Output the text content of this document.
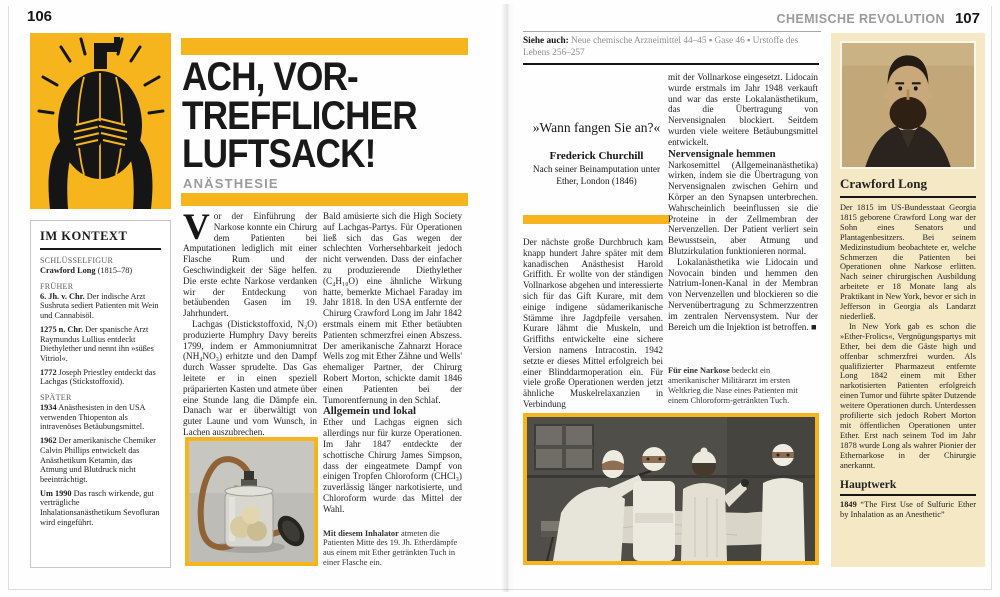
106
ACH, VOR-
TREFFLICHER
LUFTSACK!
ANÄSTHESIE
IM KONTEXT
SCHLÜSSELFIGUR

Crawford Long (1815–78)

FRÜHER

6. Jh. v. Chr. Der indische Arzt Sushruta sediert Patienten mit Wein und Cannabisöl.

1275 n. Chr. Der spanische Arzt Raymundus Lullius entdeckt Diethylether und nennt ihn »süßes Vitriol«.

1772 Joseph Priestley entdeckt das Lachgas (Stickstoffoxid).

SPÄTER

1934 Anästhesisten in den USA verwenden Thiopenton als intravenöses Betäubungsmittel.

1962 Der amerikanische Chemiker Calvin Phillips entwickelt das Anästhetikum Ketamin, das Atmung und Blutdruck nicht beeinträchtigt.

Um 1990 Das rasch wirkende, gut verträgliche Inhalationsanästhetikum Sevofluran wird eingeführt.

Vor der Einführung der Narkose konnte ein Chirurg dem Patienten bei Amputationen lediglich mit einer Flasche Rum und der Geschwindigkeit der Säge helfen. Die erste echte Narkose verdanken wir der Entdeckung von betäubenden Gasen im 19. Jahrhundert.

Lachgas (Distickstoffoxid, N₂O) produzierte Humphry Davy bereits 1799, indem er Ammoniumnitrat (NH₄NO₃) erhitzte und den Dampf durch Wasser sprudelte. Das Gas leitete er in einen speziell präparierten Kasten und atmete über eine Stunde lang die Dämpfe ein. Danach war er überwältigt von guter Laune und vom Wunsch, in Lachen auszubrechen.

Bald amüsierte sich die High Society auf Lachgas-Partys. Für Operationen ließ sich das Gas wegen der schlechten Vorhersehbarkeit jedoch nicht verwenden. Dass der einfacher zu produzierende Diethylether (C₄H₁₀O) eine ähnliche Wirkung hatte, bemerkte Michael Faraday im Jahr 1818. In den USA entfernte der Chirurg Crawford Long im Jahr 1842 erstmals einem mit Ether betäubten Patienten schmerzfrei einen Abszess. Der amerikanische Zahnarzt Horace Wells zog mit Ether Zähne und Wells' ehemaliger Partner, der Chirurg Robert Morton, schickte damit 1846 einen Patienten bei der Tumorentfernung in den Schlaf.

Allgemein und lokal

Ether und Lachgas eignen sich allerdings nur für kurze Operationen. Im Jahr 1847 entdeckte der schottische Chirurg James Simpson, dass der eingeatmete Dampf von einigen Tropfen Chloroform (CHCl₃) zuverlässig länger narkotisierte, und Chloroform wurde das Mittel der Wahl.

Mit diesem Inhalator atmeten die Patienten Mitte des 19. Jh. Etherdämpfe aus einem mit Ether getränkten Tuch in einer Flasche ein.

CHEMISCHE REVOLUTION 107
Siehe auch: Neue chemische Arzneimittel 44–45 ▪ Gase 46 ▪ Urstoffe des Lebens 256–257
»Wann fangen Sie an?«
Frederick Churchill
Nach seiner Beinamputation unter Ether, London (1846)

Der nächste große Durchbruch kam knapp hundert Jahre später mit dem kanadischen Anästhesist Harold Griffith. Er wollte von der ständigen Vollnarkose abgehen und interessierte sich für das Gift Kurare, mit dem einige indigene südamerikanische Stämme ihre Jagdpfeile versahen. Kurare lähmt die Muskeln, und Griffiths entwickelte eine sichere Version namens Intracostin. 1942 setzte er dieses Mittel erfolgreich bei einer Blinddarmoperation ein. Für viele große Operationen werden jetzt ähnliche Muskelrelaxanzien in Verbindung

mit der Vollnarkose eingesetzt. Lidocain wurde erstmals im Jahr 1948 verkauft und war das erste Lokalanästhetikum, das die Übertragung von Nervensignalen blockiert. Seitdem wurden viele weitere Betäubungsmittel entwickelt.

Nervensignale hemmen

Narkosemittel (Allgemeinanästhetika) wirken, indem sie die Übertragung von Nervensignalen zwischen Gehirn und Körper an den Synapsen unterbrechen. Wahrscheinlich beeinflussen sie die Proteine in der Zellmembran der Nervenzellen. Der Patient verliert sein Bewusstsein, aber Atmung und Blutzirkulation funktionieren normal.

Lokalanästhetika wie Lidocain und Novocain binden und hemmen den Natrium-Ionen-Kanal in der Membran von Nervenzellen und blockieren so die Nervenübertragung zu Schmerzzentren im zentralen Nervensystem. Nur der Bereich um die Injektion ist betroffen. ■

Für eine Narkose bedeckt ein amerikanischer Militärarzt im ersten Weltkrieg die Nase eines Patienten mit einem Chloroform-getränkten Tuch.
Crawford Long

Der 1815 im US-Bundesstaat Georgia 1815 geborene Crawford Long war der Sohn eines Senators und Plantagenbesitzers. Bei seinem Medizinstudium beobachtete er, welche Schmerzen die Patienten bei Operationen ohne Narkose erlitten. Nach seiner chirurgischen Ausbildung arbeitete er 18 Monate lang als Praktikant in New York, bevor er sich in Jefferson in Georgia als Landarzt niederließ.

In New York gab es schon die »Ether-Frolics«, Vergnügungspartys mit Ether, bei dem die Gäste high und offenbar schmerzfrei wurden. Als qualifizierter Pharmazeut entfernte Long 1842 einem mit Ether narkotisierten Patienten erfolgreich einen Tumor und führte später Dutzende weitere Operationen durch. Unterdessen profilierte sich jedoch Robert Morton mit öffentlichen Operationen unter Ether. Erst nach seinem Tod im Jahr 1878 wurde Long als wahrer Pionier der Ethernarkose in der Chirurgie anerkannt.

Hauptwerk

1849 “The First Use of Sulfuric Ether by Inhalation as an Anesthetic”
